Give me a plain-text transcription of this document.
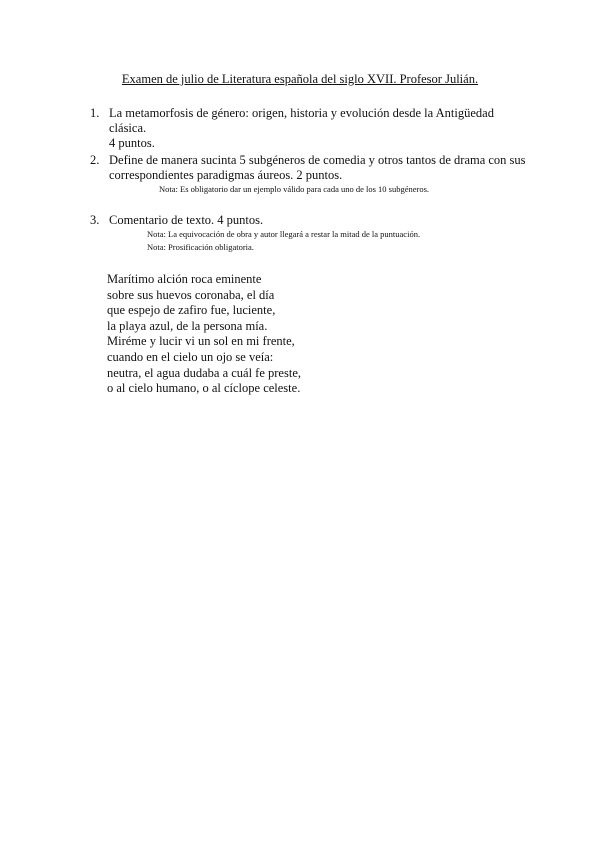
Examen de julio de Literatura española del siglo XVII. Profesor Julián.
1. La metamorfosis de género: origen, historia y evolución desde la Antigüedad clásica.
4 puntos.
2. Define de manera sucinta 5 subgéneros de comedia y otros tantos de drama con sus
correspondientes paradigmas áureos. 2 puntos.
Nota: Es obligatorio dar un ejemplo válido para cada uno de los 10 subgéneros.
3. Comentario de texto. 4 puntos.
Nota: La equivocación de obra y autor llegará a restar la mitad de la puntuación.
Nota: Prosificación obligatoria.
Marítimo alción roca eminente
sobre sus huevos coronaba, el día
que espejo de zafiro fue, luciente,
la playa azul, de la persona mía.
Miréme y lucir vi un sol en mi frente,
cuando en el cielo un ojo se veía:
neutra, el agua dudaba a cuál fe preste,
o al cielo humano, o al cíclope celeste.
